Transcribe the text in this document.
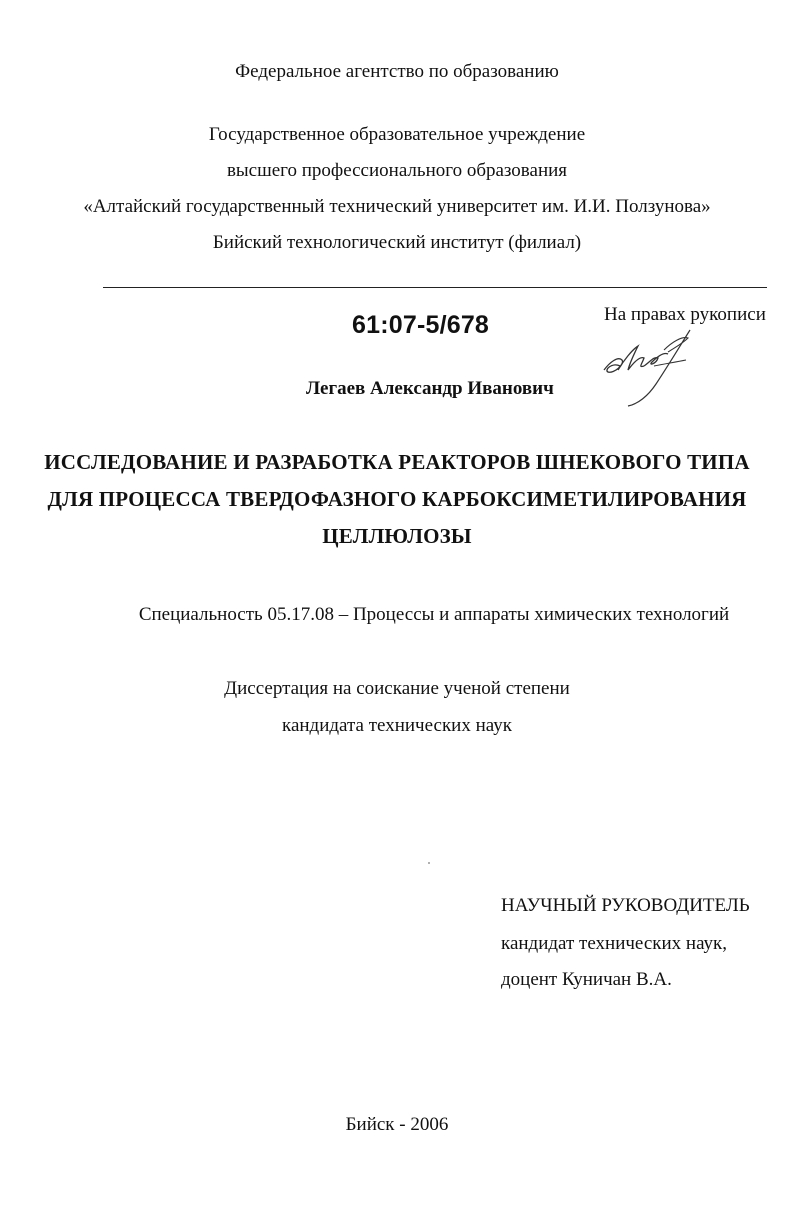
Федеральное агентство по образованию
Государственное образовательное учреждение
высшего профессионального образования
«Алтайский государственный технический университет им. И.И. Ползунова»
Бийский технологический институт (филиал)
61:07-5/678	На правах рукописи
Легаев Александр Иванович
ИССЛЕДОВАНИЕ И РАЗРАБОТКА РЕАКТОРОВ ШНЕКОВОГО ТИПА
ДЛЯ ПРОЦЕССА ТВЕРДОФАЗНОГО КАРБОКСИМЕТИЛИРОВАНИЯ
ЦЕЛЛЮЛОЗЫ
Специальность 05.17.08 – Процессы и аппараты химических технологий
Диссертация на соискание ученой степени
кандидата технических наук
НАУЧНЫЙ РУКОВОДИТЕЛЬ
кандидат технических наук,
доцент Куничан В.А.
Бийск - 2006
